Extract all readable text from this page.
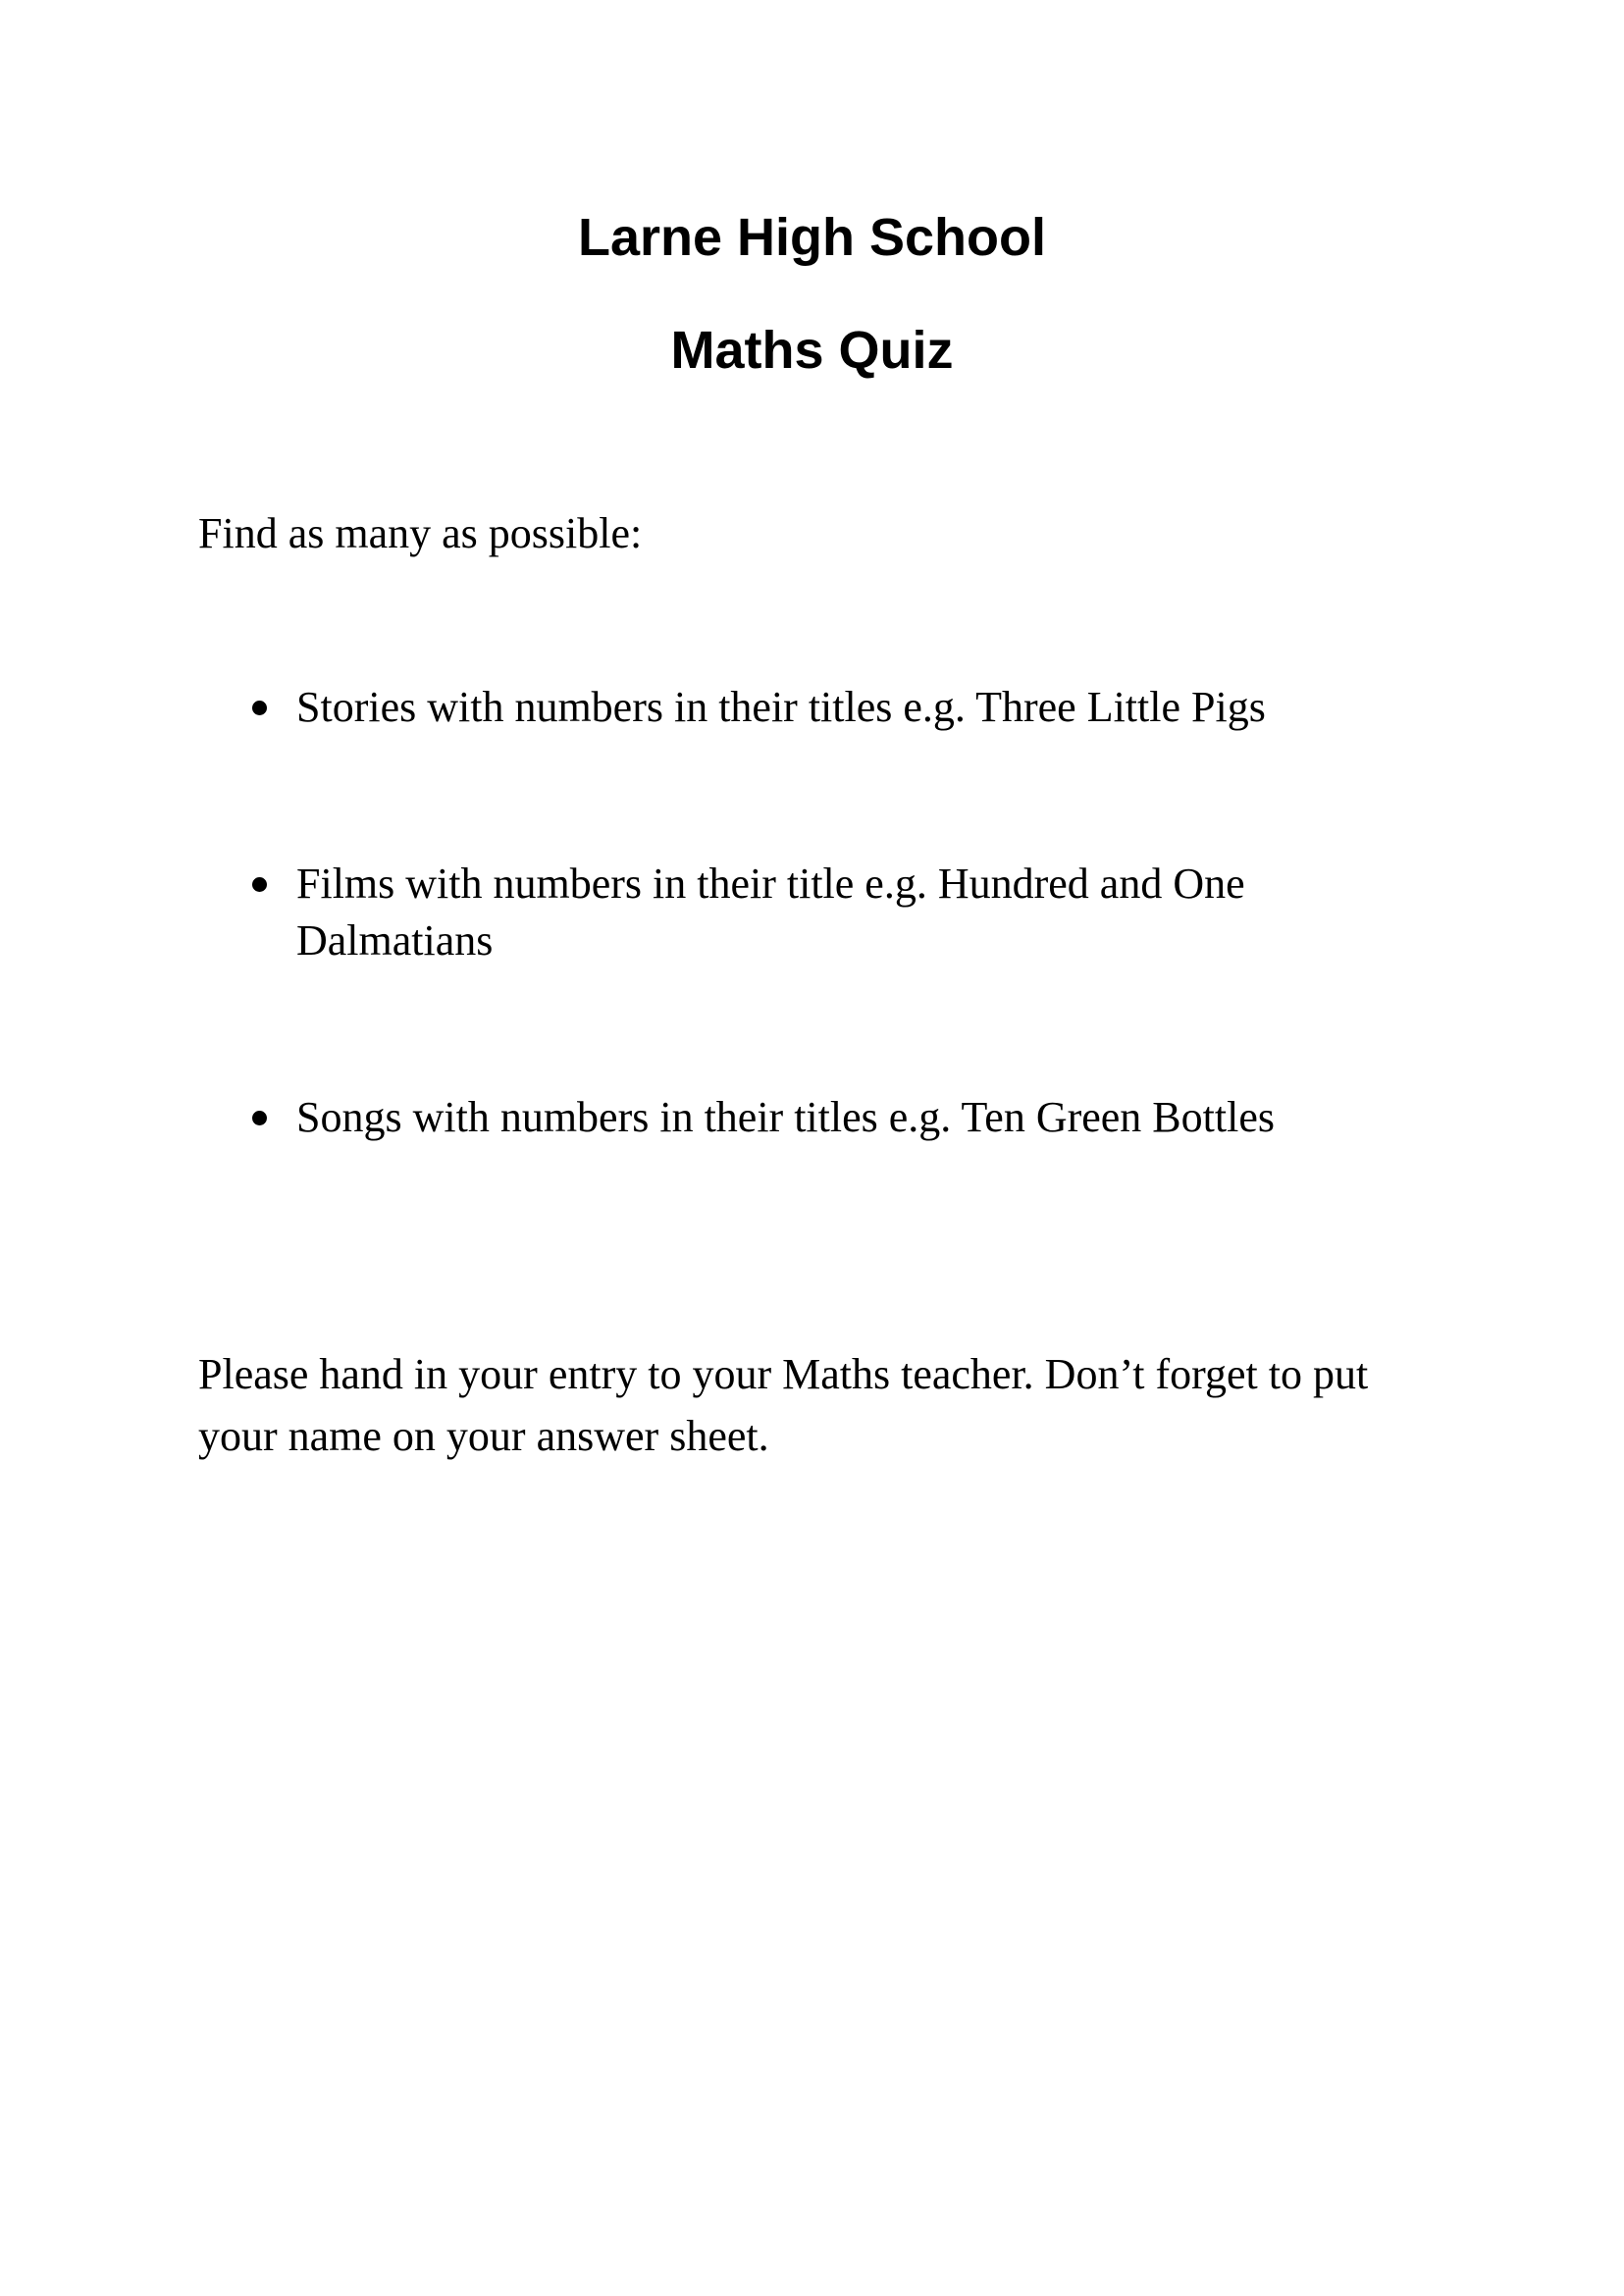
Larne High School
Maths Quiz

Find as many as possible:

Stories with numbers in their titles e.g. Three Little Pigs
Films with numbers in their title e.g. Hundred and One Dalmatians
Songs with numbers in their titles e.g. Ten Green Bottles

Please hand in your entry to your Maths teacher. Don’t forget to put your name on your answer sheet.
